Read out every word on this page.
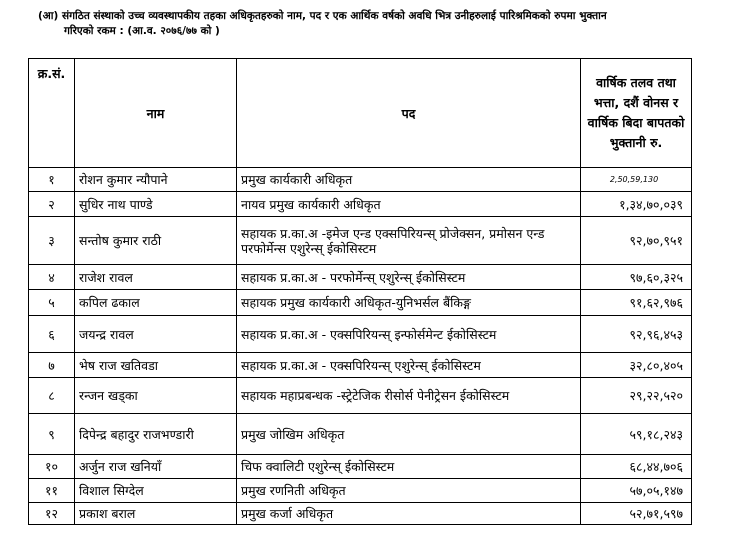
(आ) संगठित संस्थाको उच्च व्यवस्थापकीय तहका अधिकृतहरुको नाम, पद र एक आर्थिक वर्षको अवधि भित्र उनीहरुलाई पारिश्रमिकको रुपमा भुक्तान
गरिएको रकम : (आ.व. २०७६/७७ को )
क्र.सं.	नाम	पद	वार्षिक तलव तथा भत्ता, दशैं वोनस र वार्षिक बिदा बापतको भुक्तानी रु.
१	रोशन कुमार न्यौपाने	प्रमुख कार्यकारी अधिकृत	2,50,59,130
२	सुधिर नाथ पाण्डे	नायव प्रमुख कार्यकारी अधिकृत	१,३४,७०,०३९
३	सन्तोष कुमार राठी	सहायक प्र.का.अ -इमेज एन्ड एक्सपिरियन्स् प्रोजेक्सन, प्रमोसन एन्ड परफोर्मेन्स एशुरेन्स् ईकोसिस्टम	९२,७०,९५१
४	राजेश रावल	सहायक प्र.का.अ - परफोर्मेन्स् एशुरेन्स् ईकोसिस्टम	९७,६०,३२५
५	कपिल ढकाल	सहायक प्रमुख कार्यकारी अधिकृत-युनिभर्सल बैंकिङ्ग	९१,६२,९७६
६	जयन्द्र रावल	सहायक प्र.का.अ - एक्सपिरियन्स् इन्फोर्समेन्ट ईकोसिस्टम	९२,९६,४५३
७	भेष राज खतिवडा	सहायक प्र.का.अ - एक्सपिरियन्स् एशुरेन्स् ईकोसिस्टम	३२,८०,४०५
८	रन्जन खड्का	सहायक महाप्रबन्धक -स्ट्रेटेजिक रीसोर्स पेनीट्रेसन ईकोसिस्टम	२९,२२,५२०
९	दिपेन्द्र बहादुर राजभण्डारी	प्रमुख जोखिम अधिकृत	५९,१८,२४३
१०	अर्जुन राज खनियाँ	चिफ क्वालिटी एशुरेन्स् ईकोसिस्टम	६८,४४,७०६
११	विशाल सिग्देल	प्रमुख रणनिती अधिकृत	५७,०५,१४७
१२	प्रकाश बराल	प्रमुख कर्जा अधिकृत	५२,७१,५९७
